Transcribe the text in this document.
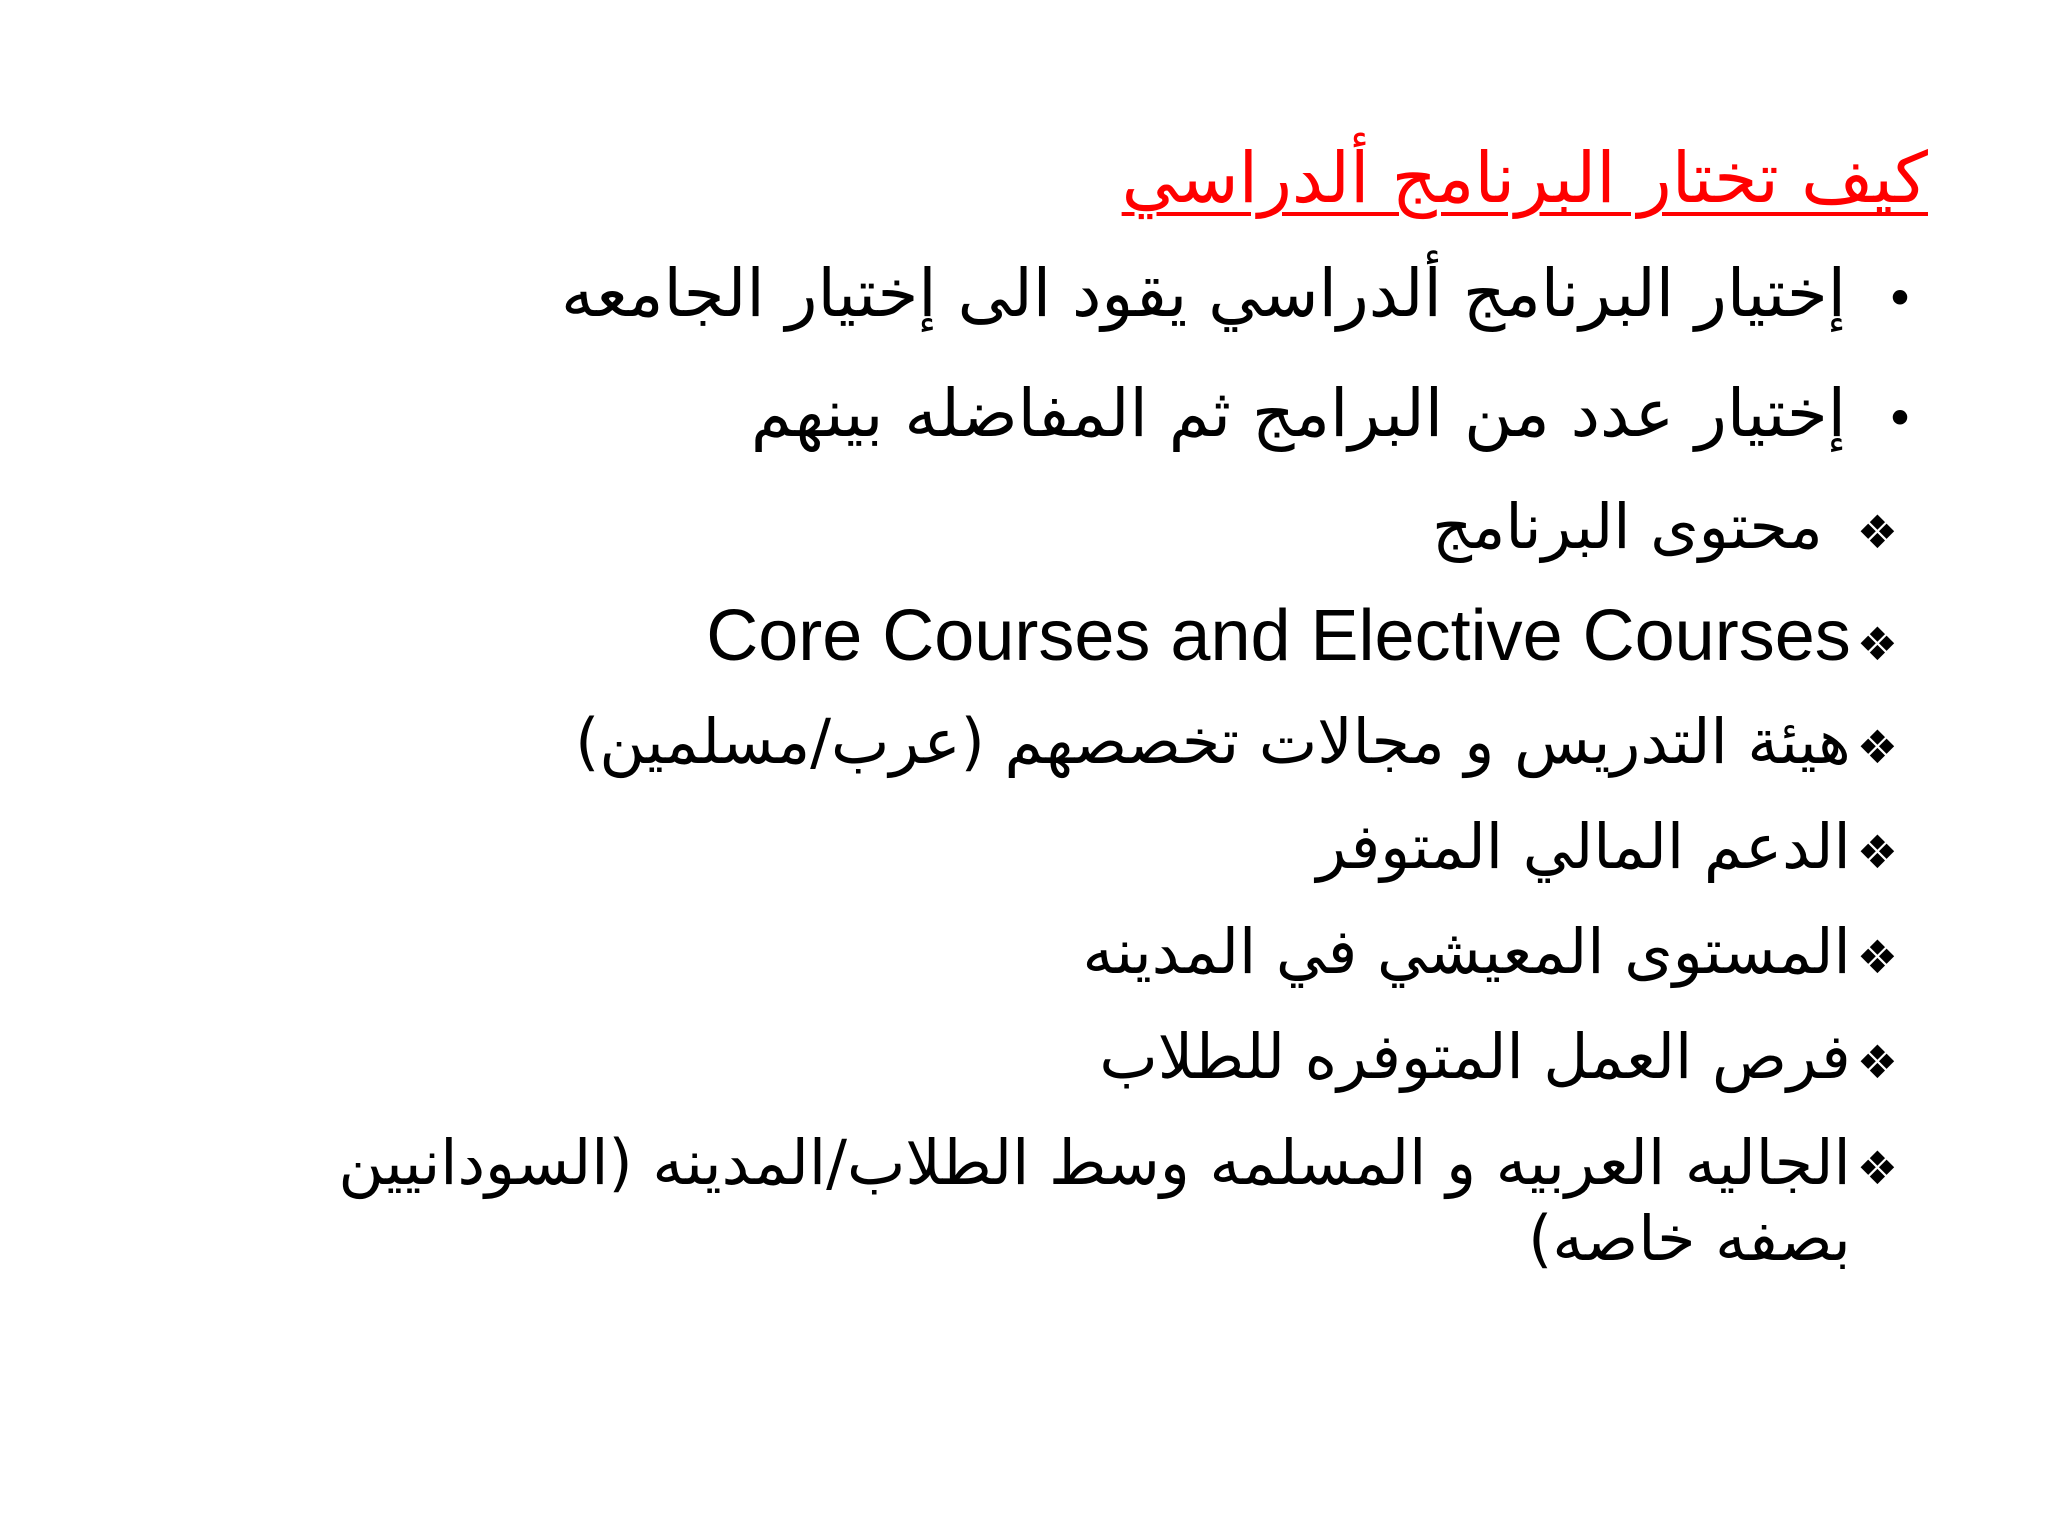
كيف تختار البرنامج ألدراسي
•
إختيار البرنامج ألدراسي يقود الى إختيار الجامعه
•
إختيار عدد من البرامج ثم المفاضله بينهم
❖
محتوى البرنامج
❖
Core Courses and Elective Courses
❖
هيئة التدريس و مجالات تخصصهم (عرب/مسلمين)
❖
الدعم المالي المتوفر
❖
المستوى المعيشي في المدينه
❖
فرص العمل المتوفره للطلاب
❖
الجاليه العربيه و المسلمه وسط الطلاب/المدينه (السودانيين بصفه خاصه)
